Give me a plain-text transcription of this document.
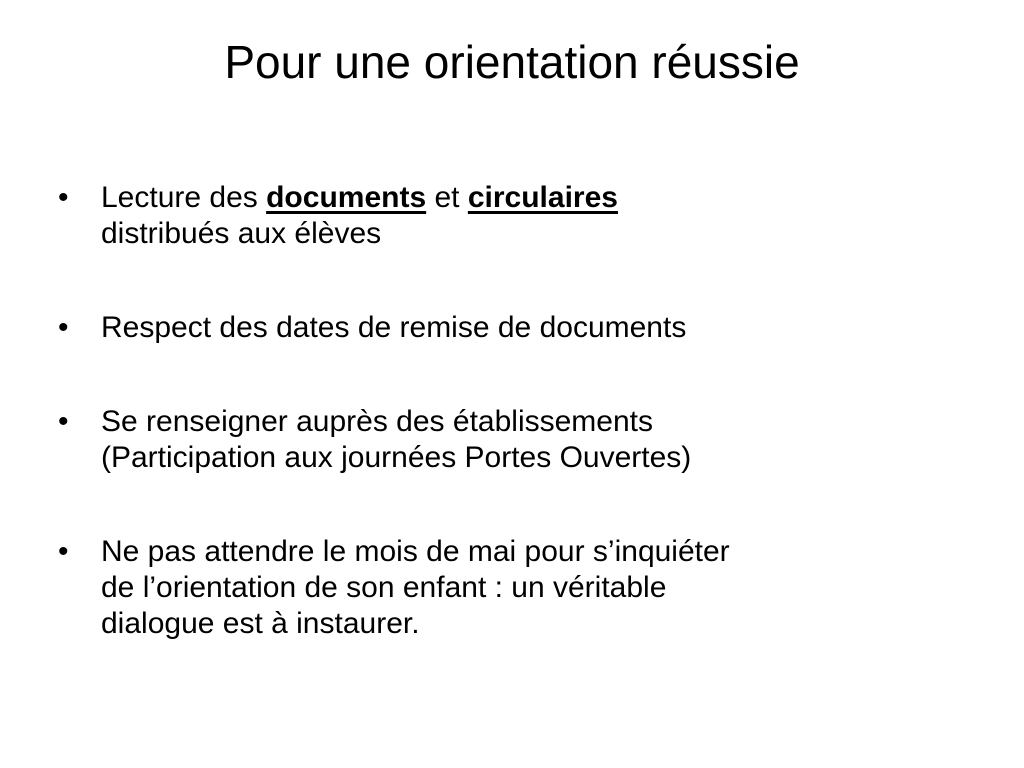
Pour une orientation réussie
•	Lecture des documents et circulaires
distribués aux élèves
•	Respect des dates de remise de documents
•	Se renseigner auprès des établissements
(Participation aux journées Portes Ouvertes)
•	Ne pas attendre le mois de mai pour s’inquiéter
de l’orientation de son enfant : un véritable
dialogue est à instaurer.
